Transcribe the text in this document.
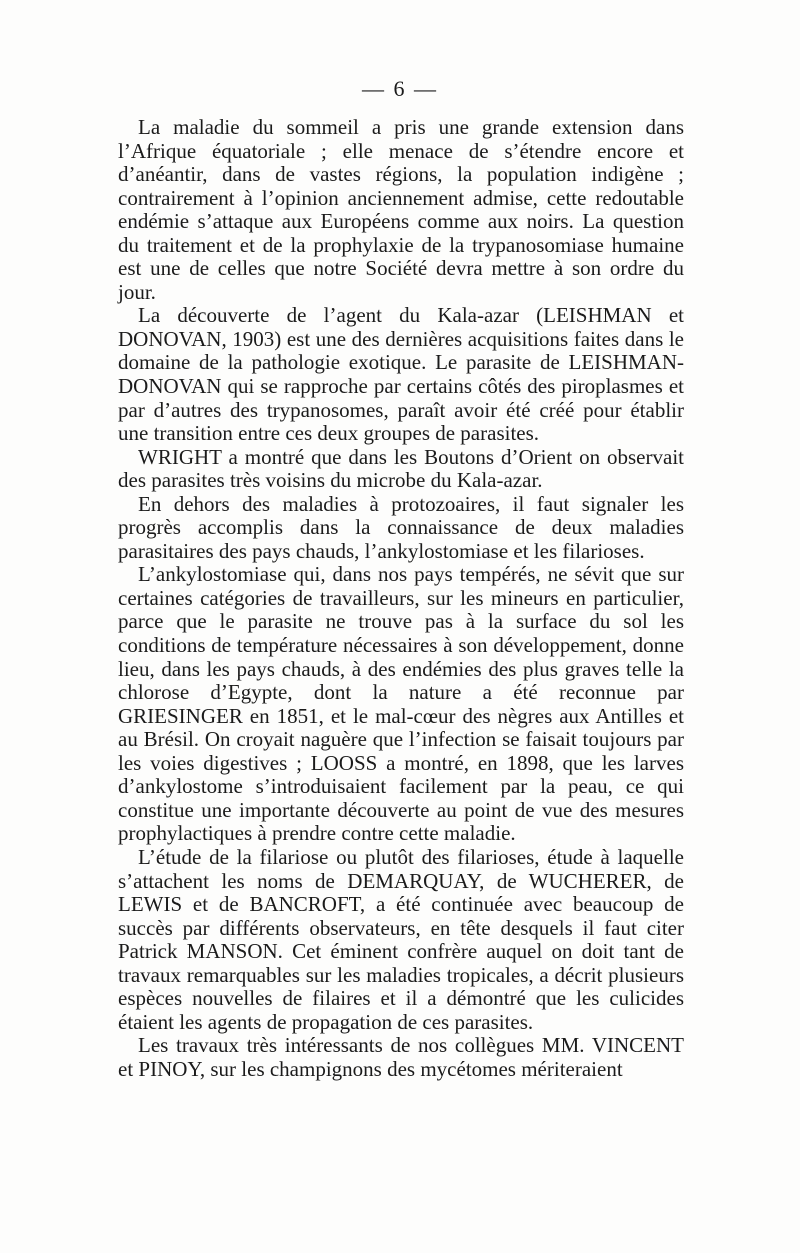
— 6 —

La maladie du sommeil a pris une grande extension dans l’Afrique équatoriale ; elle menace de s’étendre encore et d’anéantir, dans de vastes régions, la population indigène ; contrairement à l’opinion anciennement admise, cette redoutable endémie s’attaque aux Européens comme aux noirs. La question du traitement et de la prophylaxie de la trypanosomiase humaine est une de celles que notre Société devra mettre à son ordre du jour.

La découverte de l’agent du Kala-azar (LEISHMAN et DONOVAN, 1903) est une des dernières acquisitions faites dans le domaine de la pathologie exotique. Le parasite de LEISHMAN-DONOVAN qui se rapproche par certains côtés des piroplasmes et par d’autres des trypanosomes, paraît avoir été créé pour établir une transition entre ces deux groupes de parasites.

WRIGHT a montré que dans les Boutons d’Orient on observait des parasites très voisins du microbe du Kala-azar.

En dehors des maladies à protozoaires, il faut signaler les progrès accomplis dans la connaissance de deux maladies parasitaires des pays chauds, l’ankylostomiase et les filarioses.

L’ankylostomiase qui, dans nos pays tempérés, ne sévit que sur certaines catégories de travailleurs, sur les mineurs en particulier, parce que le parasite ne trouve pas à la surface du sol les conditions de température nécessaires à son développement, donne lieu, dans les pays chauds, à des endémies des plus graves telle la chlorose d’Egypte, dont la nature a été reconnue par GRIESINGER en 1851, et le mal-cœur des nègres aux Antilles et au Brésil. On croyait naguère que l’infection se faisait toujours par les voies digestives ; LOOSS a montré, en 1898, que les larves d’ankylostome s’introduisaient facilement par la peau, ce qui constitue une importante découverte au point de vue des mesures prophylactiques à prendre contre cette maladie.

L’étude de la filariose ou plutôt des filarioses, étude à laquelle s’attachent les noms de DEMARQUAY, de WUCHERER, de LEWIS et de BANCROFT, a été continuée avec beaucoup de succès par différents observateurs, en tête desquels il faut citer Patrick MANSON. Cet éminent confrère auquel on doit tant de travaux remarquables sur les maladies tropicales, a décrit plusieurs espèces nouvelles de filaires et il a démontré que les culicides étaient les agents de propagation de ces parasites.

Les travaux très intéressants de nos collègues MM. VINCENT et PINOY, sur les champignons des mycétomes mériteraient
